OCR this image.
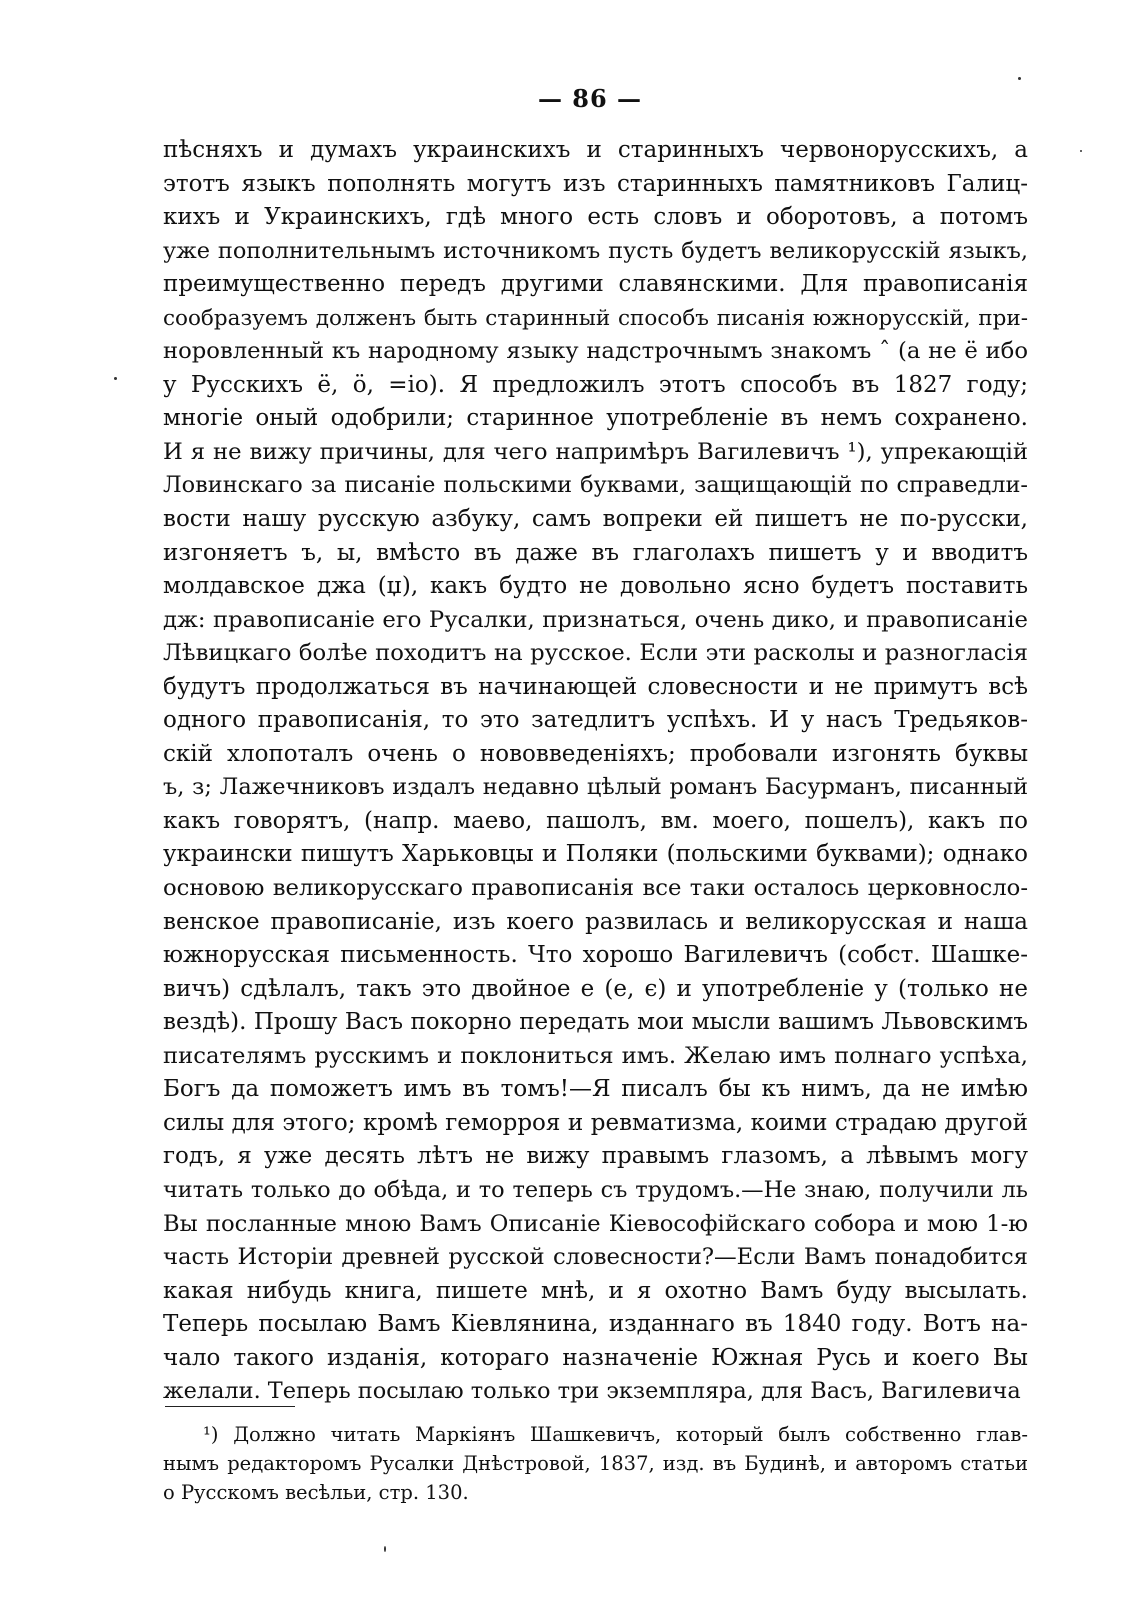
— 86 —
пѣсняхъ и думахъ украинскихъ и старинныхъ червонорусскихъ, а
этотъ языкъ пополнять могутъ изъ старинныхъ памятниковъ Галиц-
кихъ и Украинскихъ, гдѣ много есть словъ и оборотовъ, а потомъ
уже пополнительнымъ источникомъ пусть будетъ великорусскій языкъ,
преимущественно передъ другими славянскими. Для правописанія
сообразуемъ долженъ быть старинный способъ писанія южнорусскій, при-
норовленный къ народному языку надстрочнымъ знакомъ ˆ (а не ё ибо
у Русскихъ ё, ö, =іо). Я предложилъ этотъ способъ въ 1827 году;
многіе оный одобрили; старинное употребленіе въ немъ сохранено.
И я не вижу причины, для чего напримѣръ Вагилевичъ ¹), упрекающій
Ловинскаго за писаніе польскими буквами, защищающій по справедли-
вости нашу русскую азбуку, самъ вопреки ей пишетъ не по-русски,
изгоняетъ ъ, ы, вмѣсто въ даже въ глаголахъ пишетъ у и вводитъ
молдавское джа (џ), какъ будто не довольно ясно будетъ поставить
дж: правописаніе его Русалки, признаться, очень дико, и правописаніе
Лѣвицкаго болѣе походитъ на русское. Если эти расколы и разногласія
будутъ продолжаться въ начинающей словесности и не примутъ всѣ
одного правописанія, то это затедлитъ успѣхъ. И у насъ Тредьяков-
скій хлопоталъ очень о нововведеніяхъ; пробовали изгонять буквы
ъ, з; Лажечниковъ издалъ недавно цѣлый романъ Басурманъ, писанный
какъ говорятъ, (напр. маево, пашолъ, вм. моего, пошелъ), какъ по
украински пишутъ Харьковцы и Поляки (польскими буквами); однако
основою великорусскаго правописанія все таки осталось церковносло-
венское правописаніе, изъ коего развилась и великорусская и наша
южнорусская письменность. Что хорошо Вагилевичъ (собст. Шашке-
вичъ) сдѣлалъ, такъ это двойное е (е, є) и употребленіе у (только не
вездѣ). Прошу Васъ покорно передать мои мысли вашимъ Львовскимъ
писателямъ русскимъ и поклониться имъ. Желаю имъ полнаго успѣха,
Богъ да поможетъ имъ въ томъ!—Я писалъ бы къ нимъ, да не имѣю
силы для этого; кромѣ геморроя и ревматизма, коими страдаю другой
годъ, я уже десять лѣтъ не вижу правымъ глазомъ, а лѣвымъ могу
читать только до обѣда, и то теперь съ трудомъ.—Не знаю, получили ль
Вы посланные мною Вамъ Описаніе Кіевософійскаго собора и мою 1-ю
часть Исторіи древней русской словесности?—Если Вамъ понадобится
какая нибудь книга, пишете мнѣ, и я охотно Вамъ буду высылать.
Теперь посылаю Вамъ Кіевлянина, изданнаго въ 1840 году. Вотъ на-
чало такого изданія, котораго назначеніе Южная Русь и коего Вы
желали. Теперь посылаю только три экземпляра, для Васъ, Вагилевича
¹) Должно читать Маркіянъ Шашкевичъ, который былъ собственно глав-
нымъ редакторомъ Русалки Днѣстровой, 1837, изд. въ Будинѣ, и авторомъ статьи
о Русскомъ весѣльи, стр. 130.
